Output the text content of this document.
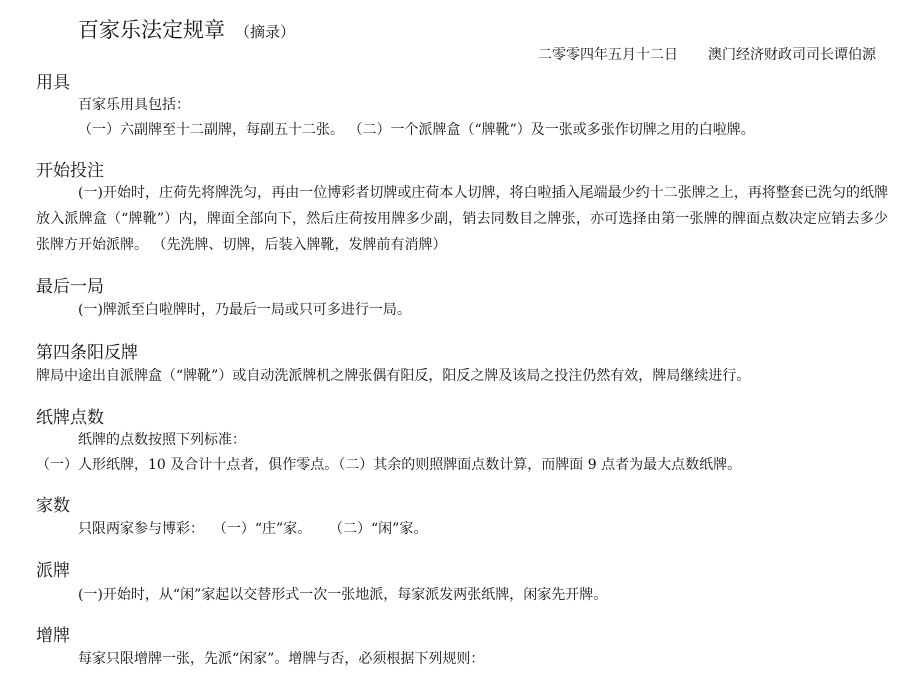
百家乐法定规章 （摘录）
二零零四年五月十二日 澳门经济财政司司长谭伯源
用具
百家乐用具包括：
（一）六副牌至十二副牌，每副五十二张。 （二）一个派牌盒（“牌靴”）及一张或多张作切牌之用的白啦牌。
开始投注
(一)开始时，庄荷先将牌洗匀，再由一位博彩者切牌或庄荷本人切牌，将白啦插入尾端最少约十二张牌之上，再将整套已洗匀的纸牌放入派牌盒（“牌靴”）内，牌面全部向下，然后庄荷按用牌多少副，销去同数目之牌张，亦可选择由第一张牌的牌面点数决定应销去多少张牌方开始派牌。 （先洗牌、切牌，后装入牌靴，发牌前有消牌）
最后一局
(一)牌派至白啦牌时，乃最后一局或只可多进行一局。
第四条阳反牌
牌局中途出自派牌盒（“牌靴”）或自动洗派牌机之牌张偶有阳反，阳反之牌及该局之投注仍然有效，牌局继续进行。
纸牌点数
纸牌的点数按照下列标准：
（一）人形纸牌，10 及合计十点者，俱作零点。（二）其余的则照牌面点数计算，而牌面 9 点者为最大点数纸牌。
家数
只限两家参与博彩：  （一）“庄”家。    （二）“闲”家。
派牌
(一)开始时，从“闲”家起以交替形式一次一张地派，每家派发两张纸牌，闲家先开牌。
增牌
每家只限增牌一张，先派“闲家”。增牌与否，必须根据下列规则：
